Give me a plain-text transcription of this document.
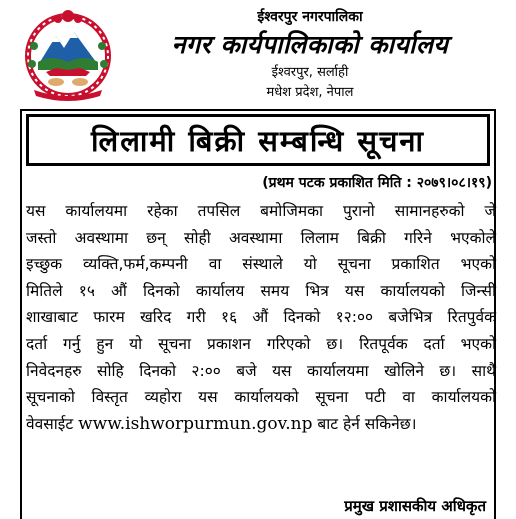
ईश्वरपुर नगरपालिका
नगर कार्यपालिकाको कार्यालय
ईश्वरपुर, सर्लाही
मधेश प्रदेश, नेपाल
लिलामी बिक्री सम्बन्धि सूचना
(प्रथम पटक प्रकाशित मिति : २०७९।०८।१९)
यस कार्यालयमा रहेका तपसिल बमोजिमका पुरानो सामानहरुको जे
जस्तो अवस्थामा छन् सोही अवस्थामा लिलाम बिक्री गरिने भएकोले
इच्छुक व्यक्ति,फर्म,कम्पनी वा संस्थाले यो सूचना प्रकाशित भएको
मितिले १५ औं दिनको कार्यालय समय भित्र यस कार्यालयको जिन्सी
शाखाबाट फारम खरिद गरी १६ औं दिनको १२:०० बजेभित्र रितपुर्वक
दर्ता गर्नु हुन यो सूचना प्रकाशन गरिएको छ। रितपूर्वक दर्ता भएको
निवेदनहरु सोहि दिनको २:०० बजे यस कार्यालयमा खोलिने छ। साथै
सूचनाको विस्तृत व्यहोरा यस कार्यालयको सूचना पटी वा कार्यालयको
वेवसाईट www.ishworpurmun.gov.np बाट हेर्न सकिनेछ।
प्रमुख प्रशासकीय अधिकृत
